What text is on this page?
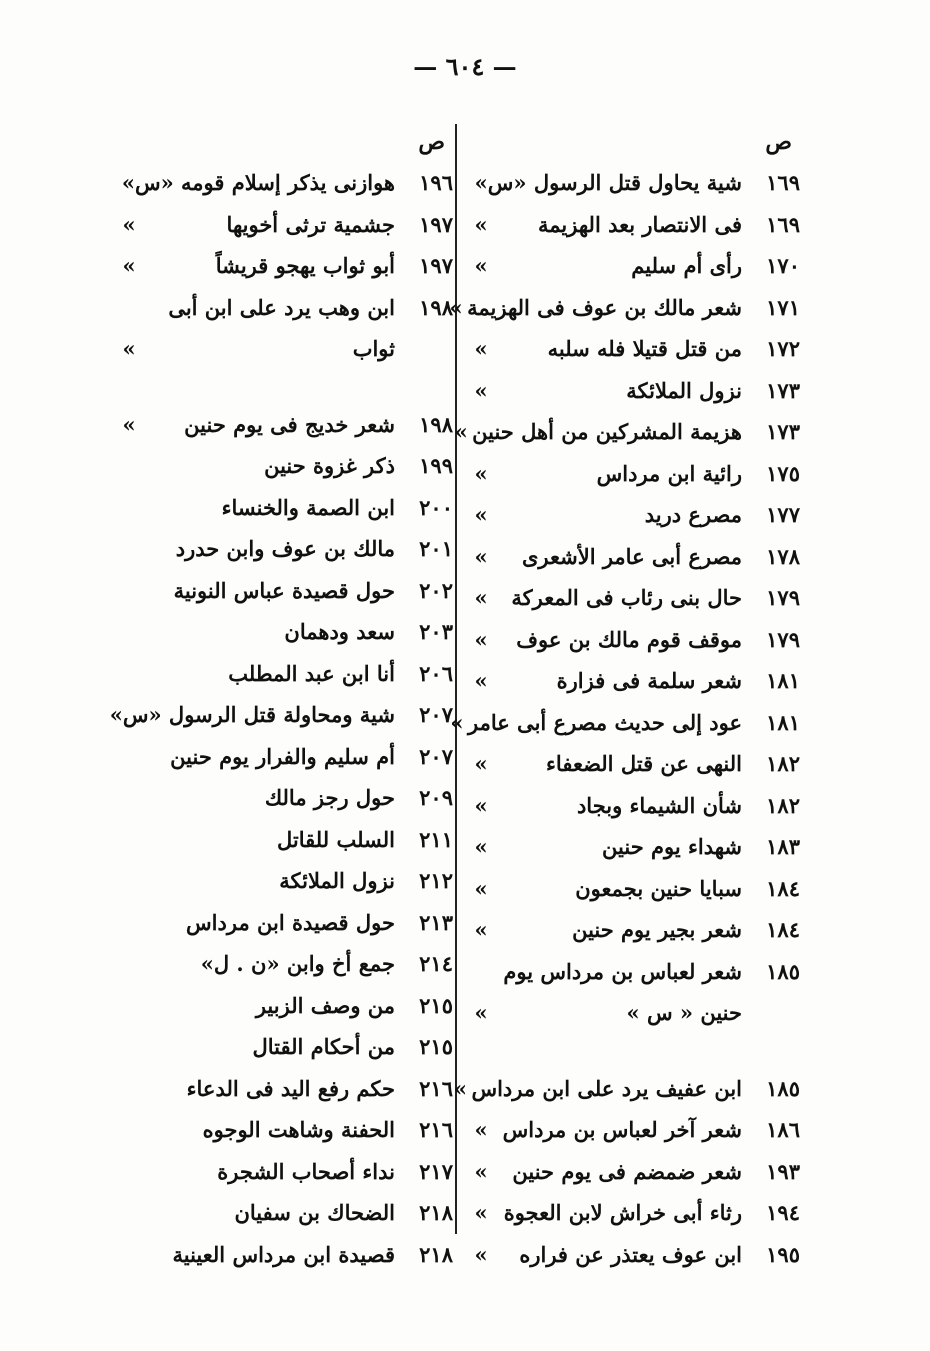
— ٦٠٤ —
ص
١٦٩
شية يحاول قتل الرسول «س»
١٦٩
فى الانتصار بعد الهزيمة
»
١٧٠
رأى أم سليم
»
١٧١
شعر مالك بن عوف فى الهزيمة
»
١٧٢
من قتل قتيلا فله سلبه
»
١٧٣
نزول الملائكة
»
١٧٣
هزيمة المشركين من أهل حنين
»
١٧٥
رائية ابن مرداس
»
١٧٧
مصرع دريد
»
١٧٨
مصرع أبى عامر الأشعرى
»
١٧٩
حال بنى رئاب فى المعركة
»
١٧٩
موقف قوم مالك بن عوف
»
١٨١
شعر سلمة فى فزارة
»
١٨١
عود إلى حديث مصرع أبى عامر
»
١٨٢
النهى عن قتل الضعفاء
»
١٨٢
شأن الشيماء وبجاد
»
١٨٣
شهداء يوم حنين
»
١٨٤
سبايا حنين بجمعون
»
١٨٤
شعر بجير يوم حنين
»
١٨٥
شعر لعباس بن مرداس يوم
حنين « س »
»
١٨٥
ابن عفيف يرد على ابن مرداس
»
١٨٦
شعر آخر لعباس بن مرداس
»
١٩٣
شعر ضمضم فى يوم حنين
»
١٩٤
رثاء أبى خراش لابن العجوة
»
١٩٥
ابن عوف يعتذر عن فراره
»
ص
١٩٦
هوازنى يذكر إسلام قومه «س»
١٩٧
جشمية ترثى أخويها
»
١٩٧
أبو ثواب يهجو قريشاً
»
١٩٨
ابن وهب يرد على ابن أبى
ثواب
»
١٩٨
شعر خديج فى يوم حنين
»
١٩٩
ذكر غزوة حنين
٢٠٠
ابن الصمة والخنساء
٢٠١
مالك بن عوف وابن حدرد
٢٠٢
حول قصيدة عباس النونية
٢٠٣
سعد ودهمان
٢٠٦
أنا ابن عبد المطلب
٢٠٧
شية ومحاولة قتل الرسول «س»
٢٠٧
أم سليم والفرار يوم حنين
٢٠٩
حول رجز مالك
٢١١
السلب للقاتل
٢١٢
نزول الملائكة
٢١٣
حول قصيدة ابن مرداس
٢١٤
جمع أخ وابن «ن . ل»
٢١٥
من وصف الزبير
٢١٥
من أحكام القتال
٢١٦
حكم رفع اليد فى الدعاء
٢١٦
الحفنة وشاهت الوجوه
٢١٧
نداء أصحاب الشجرة
٢١٨
الضحاك بن سفيان
٢١٨
قصيدة ابن مرداس العينية
